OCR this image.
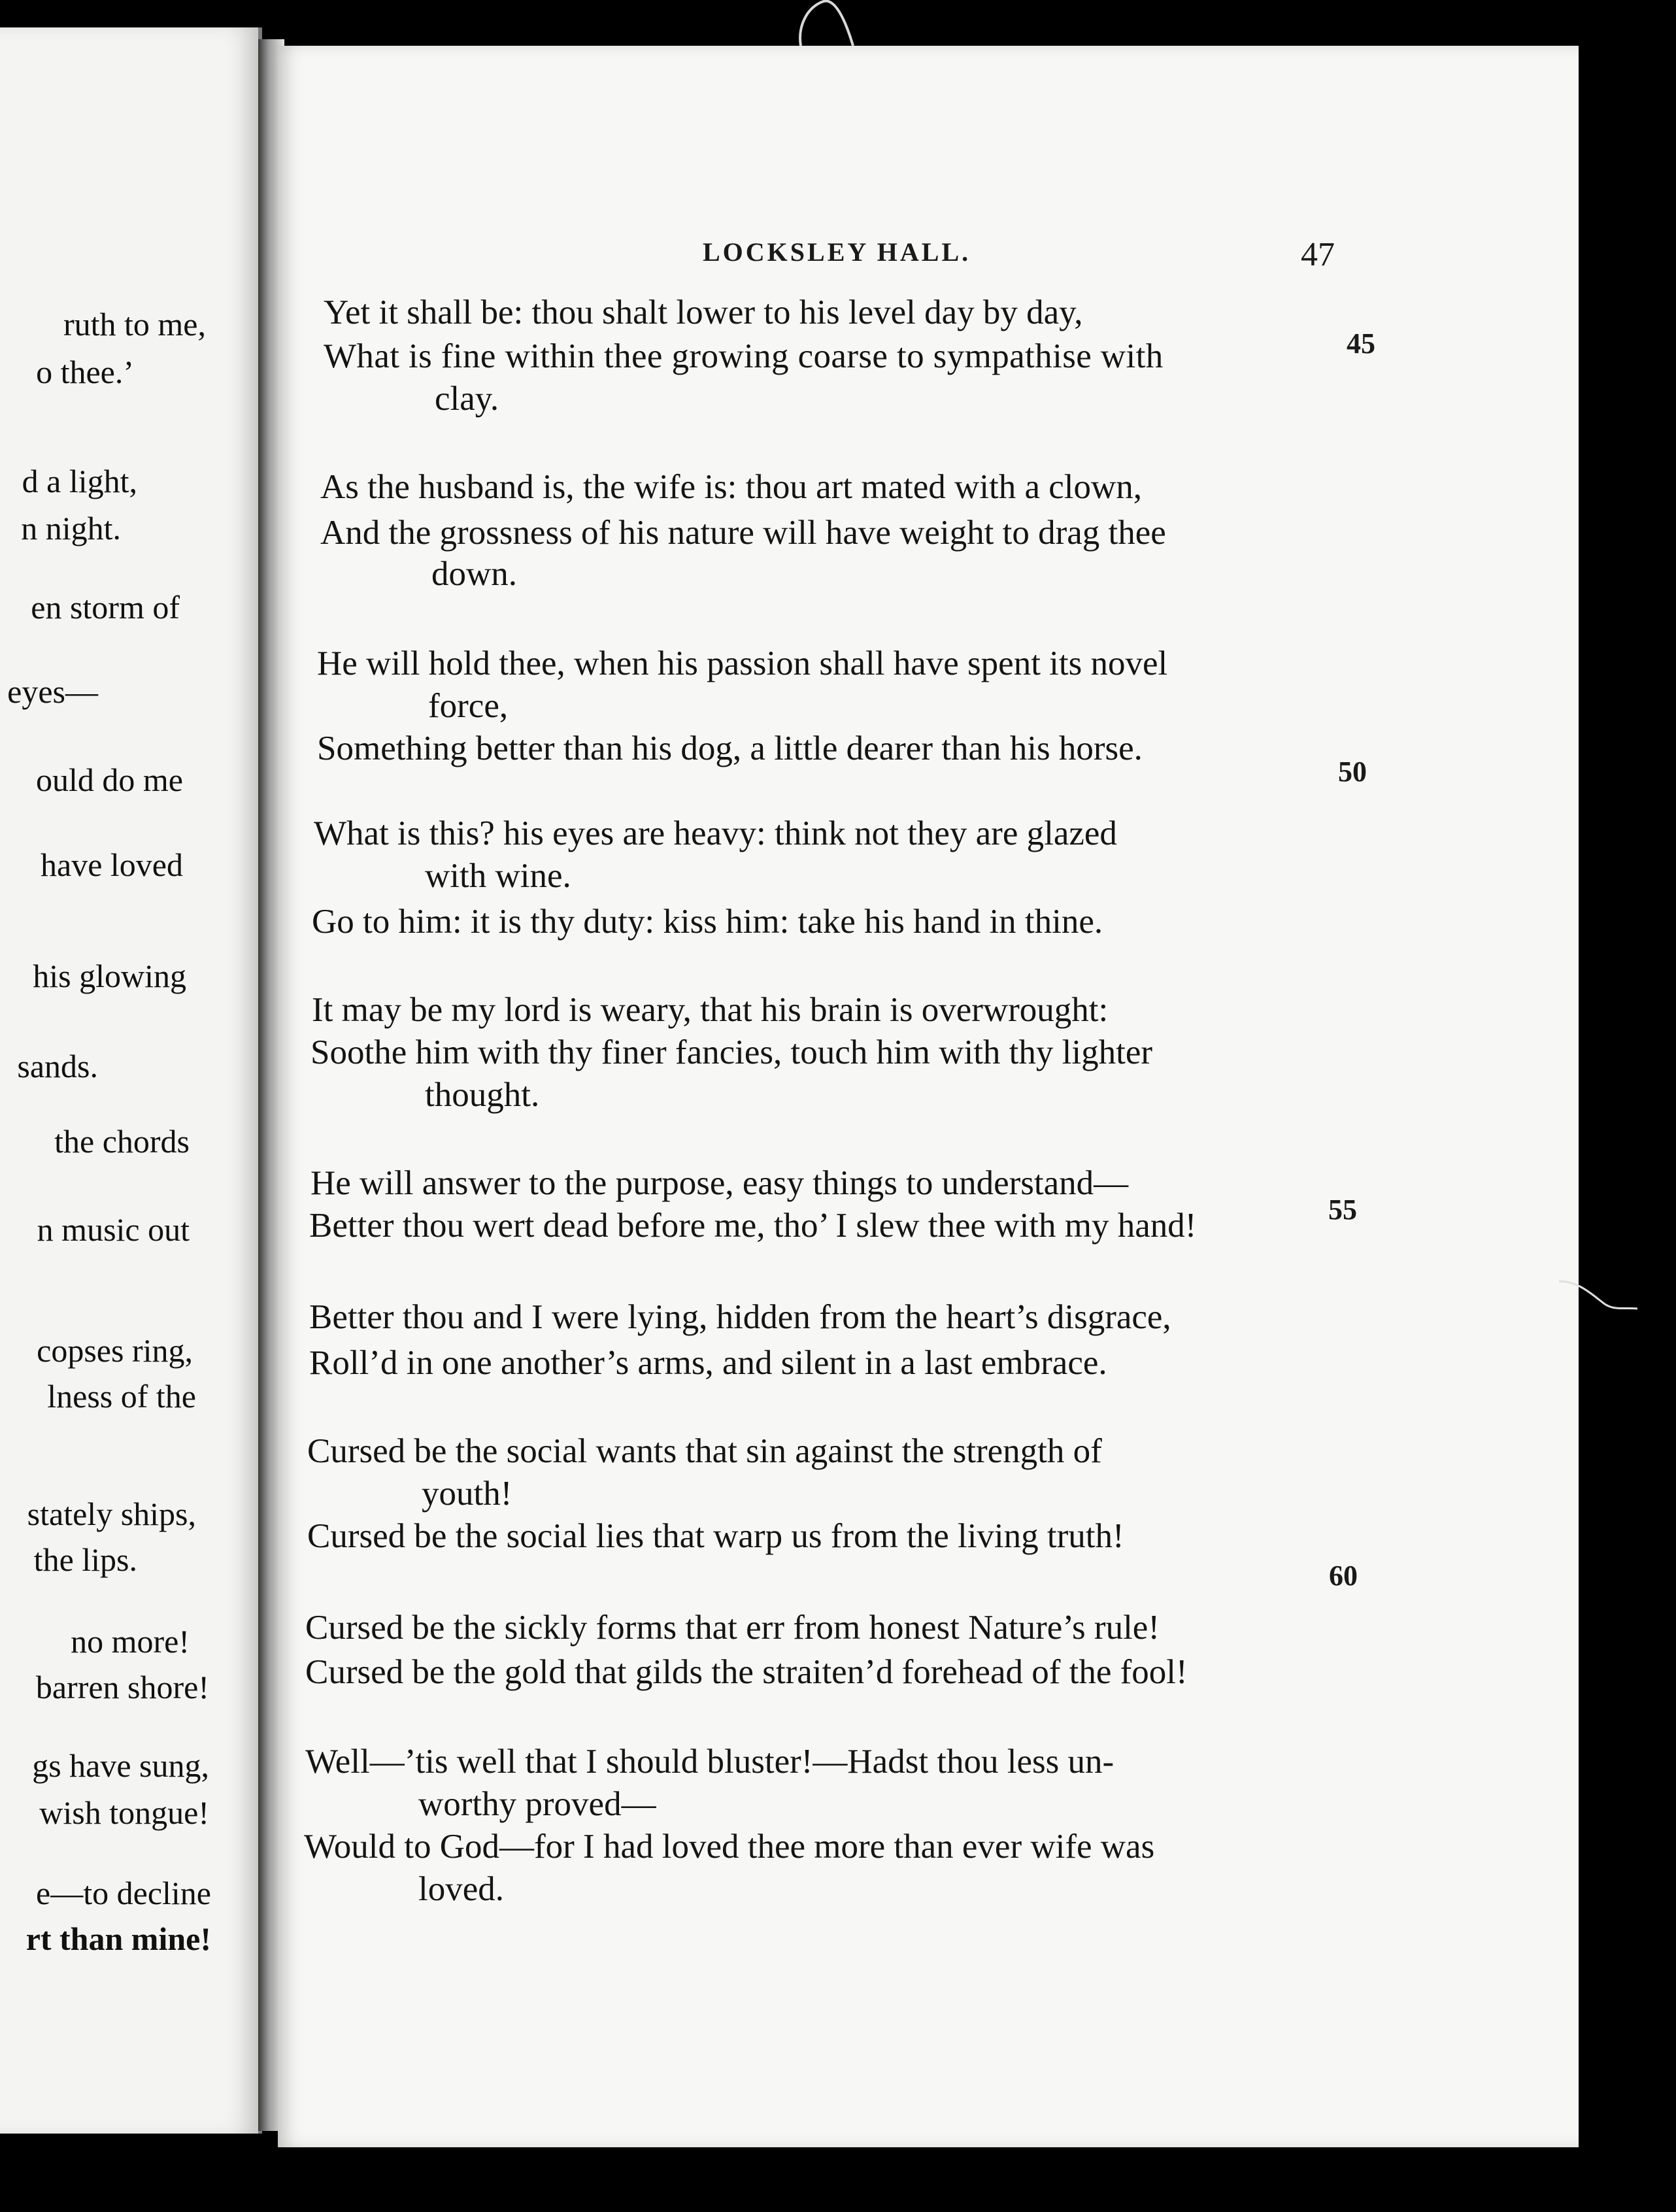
ruth to me,
o thee.’
d a light,
n night.
en storm of
eyes—
ould do me
have loved
his glowing
sands.
the chords
n music out
copses ring,
lness of the
stately ships,
the lips.
no more!
barren shore!
gs have sung,
wish tongue!
e—to decline
rt than mine!
LOCKSLEY HALL.	47
Yet it shall be: thou shalt lower to his level day by day,
What is fine within thee growing coarse to sympathise with
clay.
As the husband is, the wife is: thou art mated with a clown,
And the grossness of his nature will have weight to drag thee
down.
He will hold thee, when his passion shall have spent its novel
force,
Something better than his dog, a little dearer than his horse.
What is this? his eyes are heavy: think not they are glazed
with wine.
Go to him: it is thy duty: kiss him: take his hand in thine.
It may be my lord is weary, that his brain is overwrought:
Soothe him with thy finer fancies, touch him with thy lighter
thought.
He will answer to the purpose, easy things to understand—
Better thou wert dead before me, tho’ I slew thee with my hand!
Better thou and I were lying, hidden from the heart’s disgrace,
Roll’d in one another’s arms, and silent in a last embrace.
Cursed be the social wants that sin against the strength of
youth!
Cursed be the social lies that warp us from the living truth!
Cursed be the sickly forms that err from honest Nature’s rule!
Cursed be the gold that gilds the straiten’d forehead of the fool!
Well—’tis well that I should bluster!—Hadst thou less un-
worthy proved—
Would to God—for I had loved thee more than ever wife was
loved.
45
50
55
60
